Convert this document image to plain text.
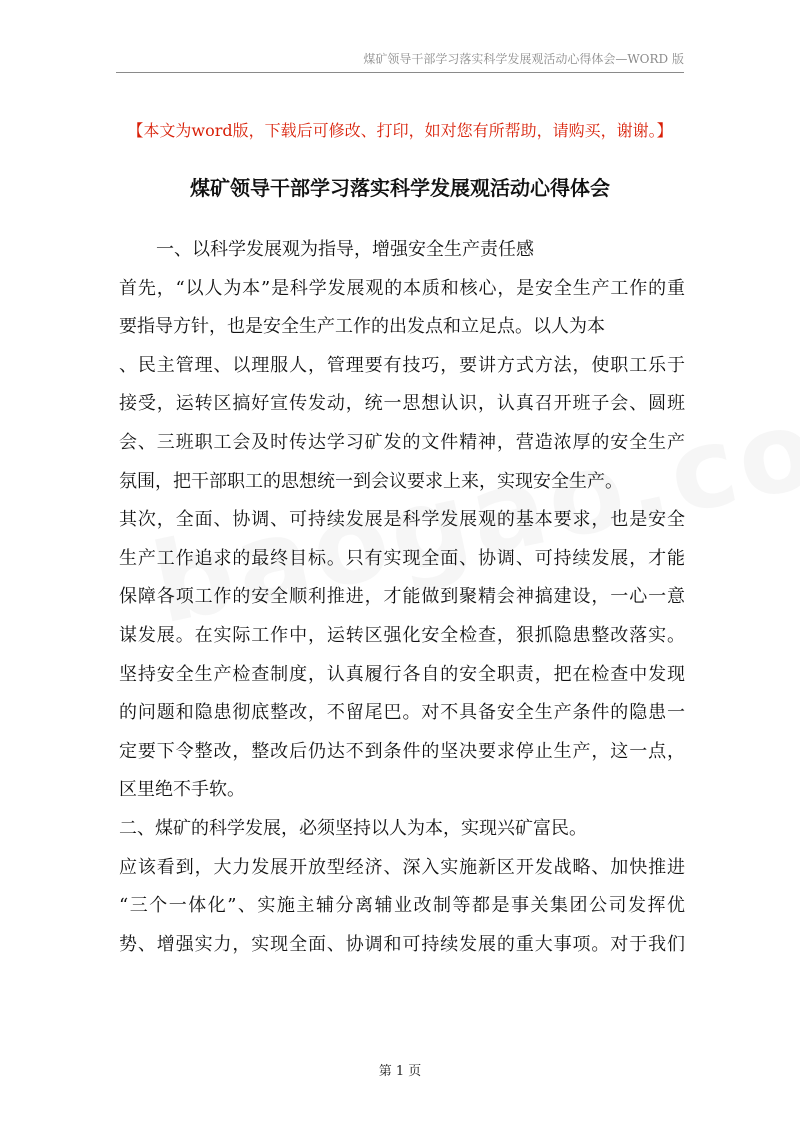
煤矿领导干部学习落实科学发展观活动心得体会—WORD 版
【本文为word版，下载后可修改、打印，如对您有所帮助，请购买，谢谢。】
煤矿领导干部学习落实科学发展观活动心得体会
一、以科学发展观为指导，增强安全生产责任感
首先，“以人为本”是科学发展观的本质和核心，是安全生产工作的重
要指导方针，也是安全生产工作的出发点和立足点。以人为本
、民主管理、以理服人，管理要有技巧，要讲方式方法，使职工乐于
接受，运转区搞好宣传发动，统一思想认识，认真召开班子会、圆班
会、三班职工会及时传达学习矿发的文件精神，营造浓厚的安全生产
氛围，把干部职工的思想统一到会议要求上来，实现安全生产。
其次，全面、协调、可持续发展是科学发展观的基本要求，也是安全
生产工作追求的最终目标。只有实现全面、协调、可持续发展，才能
保障各项工作的安全顺利推进，才能做到聚精会神搞建设，一心一意
谋发展。在实际工作中，运转区强化安全检查，狠抓隐患整改落实。
坚持安全生产检查制度，认真履行各自的安全职责，把在检查中发现
的问题和隐患彻底整改，不留尾巴。对不具备安全生产条件的隐患一
定要下令整改，整改后仍达不到条件的坚决要求停止生产，这一点，
区里绝不手软。
二、煤矿的科学发展，必须坚持以人为本，实现兴矿富民。
应该看到，大力发展开放型经济、深入实施新区开发战略、加快推进
“三个一体化”、实施主辅分离辅业改制等都是事关集团公司发挥优
势、增强实力，实现全面、协调和可持续发展的重大事项。对于我们
第 1 页
